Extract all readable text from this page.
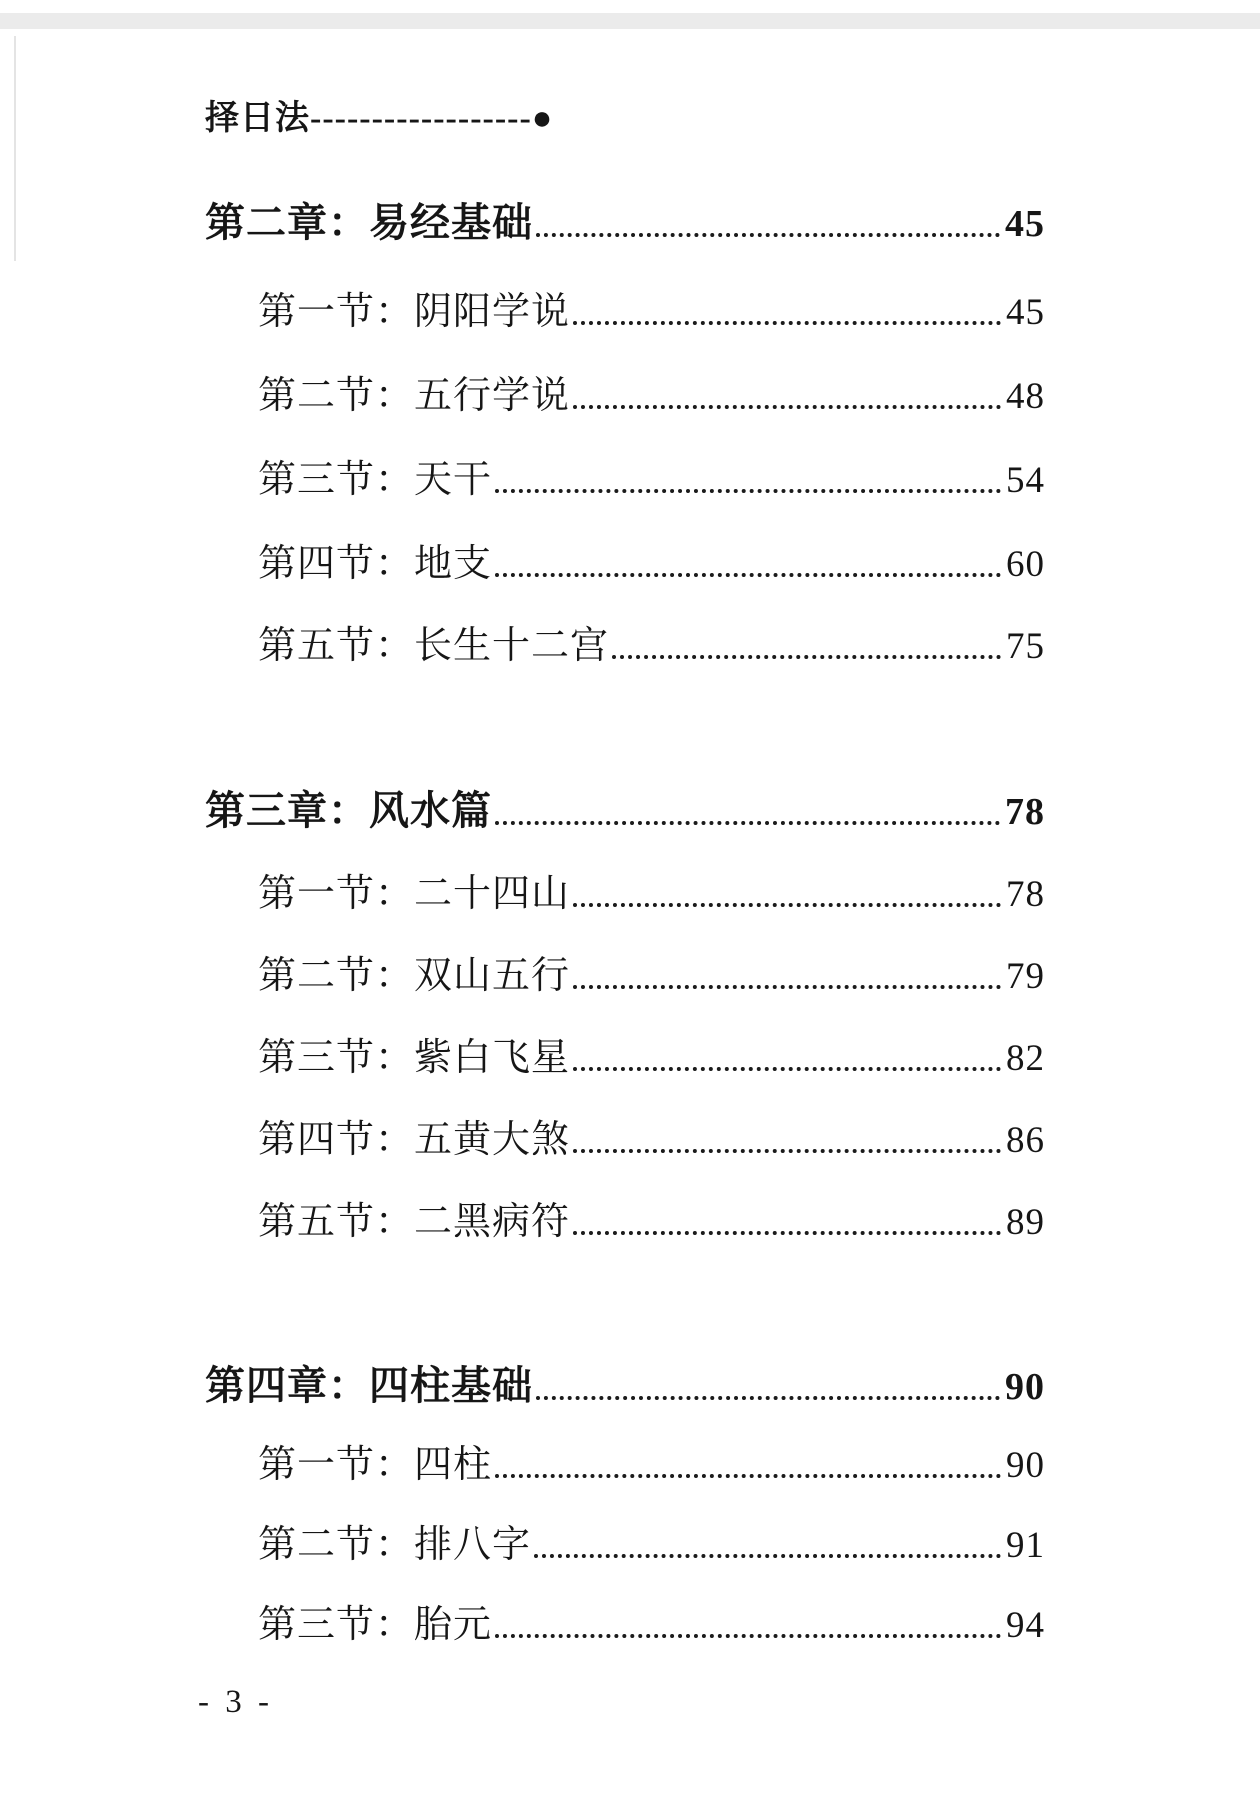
择日法------------------●
第二章：易经基础	45
第一节：阴阳学说	45
第二节：五行学说	48
第三节：天干	54
第四节：地支	60
第五节：长生十二宫	75
第三章：风水篇	78
第一节：二十四山	78
第二节：双山五行	79
第三节：紫白飞星	82
第四节：五黄大煞	86
第五节：二黑病符	89
第四章：四柱基础	90
第一节：四柱	90
第二节：排八字	91
第三节：胎元	94
- 3 -
